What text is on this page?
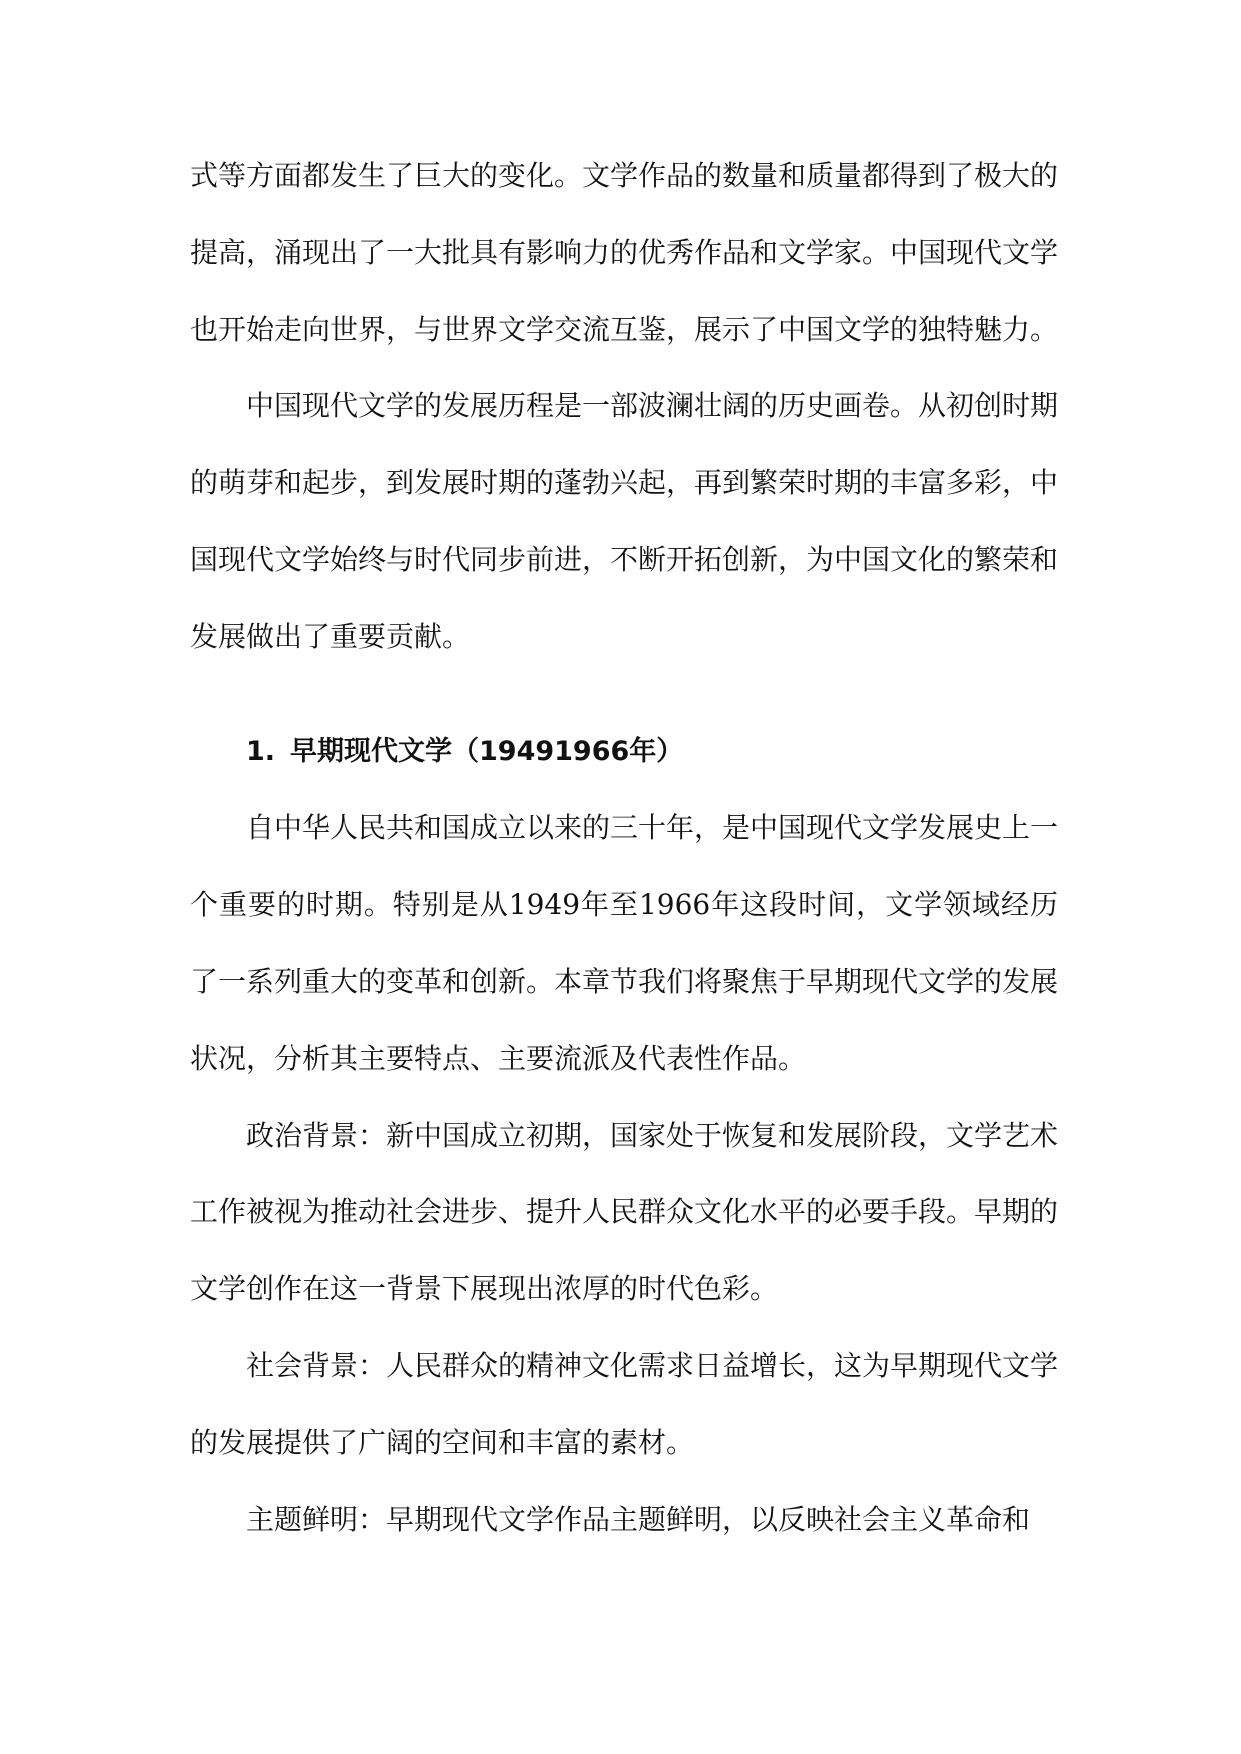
式等方面都发生了巨大的变化。文学作品的数量和质量都得到了极大的提高，涌现出了一大批具有影响力的优秀作品和文学家。中国现代文学也开始走向世界，与世界文学交流互鉴，展示了中国文学的独特魅力。

中国现代文学的发展历程是一部波澜壮阔的历史画卷。从初创时期的萌芽和起步，到发展时期的蓬勃兴起，再到繁荣时期的丰富多彩，中国现代文学始终与时代同步前进，不断开拓创新，为中国文化的繁荣和发展做出了重要贡献。

1. 早期现代文学（19491966年）

自中华人民共和国成立以来的三十年，是中国现代文学发展史上一个重要的时期。特别是从1949年至1966年这段时间，文学领域经历了一系列重大的变革和创新。本章节我们将聚焦于早期现代文学的发展状况，分析其主要特点、主要流派及代表性作品。

政治背景：新中国成立初期，国家处于恢复和发展阶段，文学艺术工作被视为推动社会进步、提升人民群众文化水平的必要手段。早期的文学创作在这一背景下展现出浓厚的时代色彩。

社会背景：人民群众的精神文化需求日益增长，这为早期现代文学的发展提供了广阔的空间和丰富的素材。

主题鲜明：早期现代文学作品主题鲜明，以反映社会主义革命和
